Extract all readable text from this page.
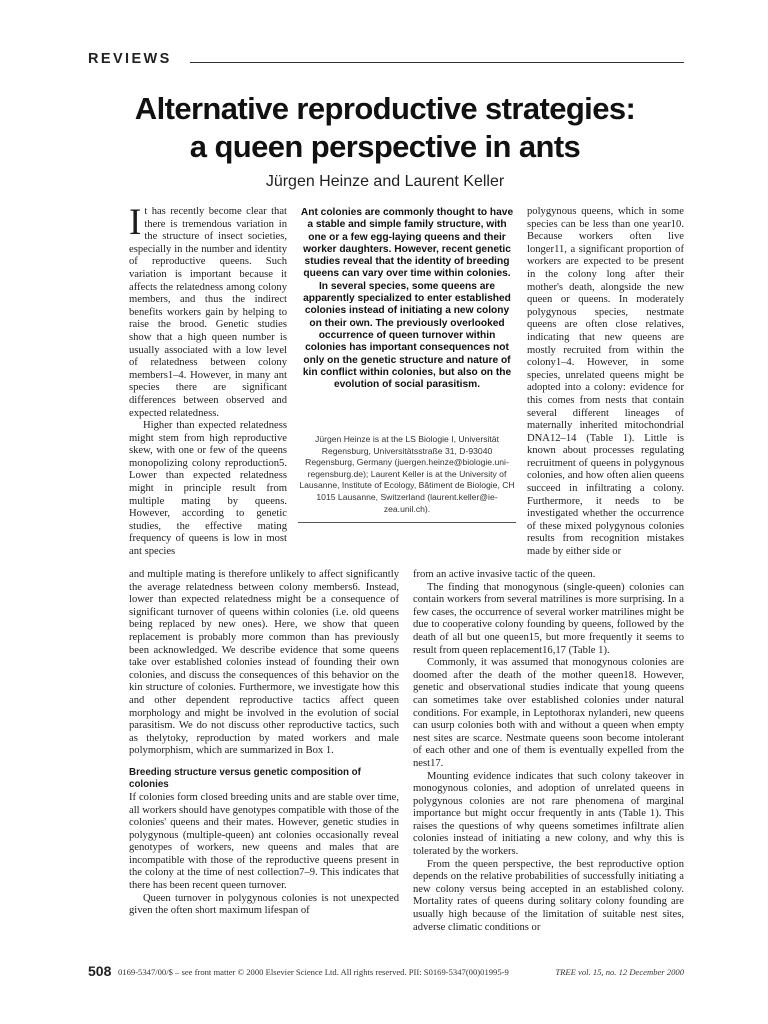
REVIEWS
Alternative reproductive strategies:
a queen perspective in ants

Jürgen Heinze and Laurent Keller

It has recently become clear that there is tremendous variation in the structure of insect societies, especially in the number and identity of reproductive queens. Such variation is important because it affects the relatedness among colony members, and thus the indirect benefits workers gain by helping to raise the brood. Genetic studies show that a high queen number is usually associated with a low level of relatedness between colony members1–4. However, in many ant species there are significant differences between observed and expected relatedness.

Higher than expected relatedness might stem from high reproductive skew, with one or few of the queens monopolizing colony reproduction5. Lower than expected relatedness might in principle result from multiple mating by queens. However, according to genetic studies, the effective mating frequency of queens is low in most ant species

Ant colonies are commonly thought to have a stable and simple family structure, with one or a few egg-laying queens and their worker daughters. However, recent genetic studies reveal that the identity of breeding queens can vary over time within colonies. In several species, some queens are apparently specialized to enter established colonies instead of initiating a new colony on their own. The previously overlooked occurrence of queen turnover within colonies has important consequences not only on the genetic structure and nature of kin conflict within colonies, but also on the evolution of social parasitism.

Jürgen Heinze is at the LS Biologie I, Universität Regensburg, Universitätsstraße 31, D-93040 Regensburg, Germany (juergen.heinze@biologie.uni-regensburg.de); Laurent Keller is at the University of Lausanne, Institute of Ecology, Bâtiment de Biologie, CH 1015 Lausanne, Switzerland (laurent.keller@ie-zea.unil.ch).

polygynous queens, which in some species can be less than one year10. Because workers often live longer11, a significant proportion of workers are expected to be present in the colony long after their mother's death, alongside the new queen or queens. In moderately polygynous species, nestmate queens are often close relatives, indicating that new queens are mostly recruited from within the colony1–4. However, in some species, unrelated queens might be adopted into a colony: evidence for this comes from nests that contain several different lineages of maternally inherited mitochondrial DNA12–14 (Table 1). Little is known about processes regulating recruitment of queens in polygynous colonies, and how often alien queens succeed in infiltrating a colony. Furthermore, it needs to be investigated whether the occurrence of these mixed polygynous colonies results from recognition mistakes made by either side or

and multiple mating is therefore unlikely to affect significantly the average relatedness between colony members6. Instead, lower than expected relatedness might be a consequence of significant turnover of queens within colonies (i.e. old queens being replaced by new ones). Here, we show that queen replacement is probably more common than has previously been acknowledged. We describe evidence that some queens take over established colonies instead of founding their own colonies, and discuss the consequences of this behavior on the kin structure of colonies. Furthermore, we investigate how this and other dependent reproductive tactics affect queen morphology and might be involved in the evolution of social parasitism. We do not discuss other reproductive tactics, such as thelytoky, reproduction by mated workers and male polymorphism, which are summarized in Box 1.

Breeding structure versus genetic composition of colonies

If colonies form closed breeding units and are stable over time, all workers should have genotypes compatible with those of the colonies' queens and their mates. However, genetic studies in polygynous (multiple-queen) ant colonies occasionally reveal genotypes of workers, new queens and males that are incompatible with those of the reproductive queens present in the colony at the time of nest collection7–9. This indicates that there has been recent queen turnover.

Queen turnover in polygynous colonies is not unexpected given the often short maximum lifespan of

from an active invasive tactic of the queen.

The finding that monogynous (single-queen) colonies can contain workers from several matrilines is more surprising. In a few cases, the occurrence of several worker matrilines might be due to cooperative colony founding by queens, followed by the death of all but one queen15, but more frequently it seems to result from queen replacement16,17 (Table 1).

Commonly, it was assumed that monogynous colonies are doomed after the death of the mother queen18. However, genetic and observational studies indicate that young queens can sometimes take over established colonies under natural conditions. For example, in Leptothorax nylanderi, new queens can usurp colonies both with and without a queen when empty nest sites are scarce. Nestmate queens soon become intolerant of each other and one of them is eventually expelled from the nest17.

Mounting evidence indicates that such colony takeover in monogynous colonies, and adoption of unrelated queens in polygynous colonies are not rare phenomena of marginal importance but might occur frequently in ants (Table 1). This raises the questions of why queens sometimes infiltrate alien colonies instead of initiating a new colony, and why this is tolerated by the workers.

From the queen perspective, the best reproductive option depends on the relative probabilities of successfully initiating a new colony versus being accepted in an established colony. Mortality rates of queens during solitary colony founding are usually high because of the limitation of suitable nest sites, adverse climatic conditions or

508 0169-5347/00/$ – see front matter © 2000 Elsevier Science Ltd. All rights reserved. PII: S0169-5347(00)01995-9	TREE vol. 15, no. 12 December 2000
